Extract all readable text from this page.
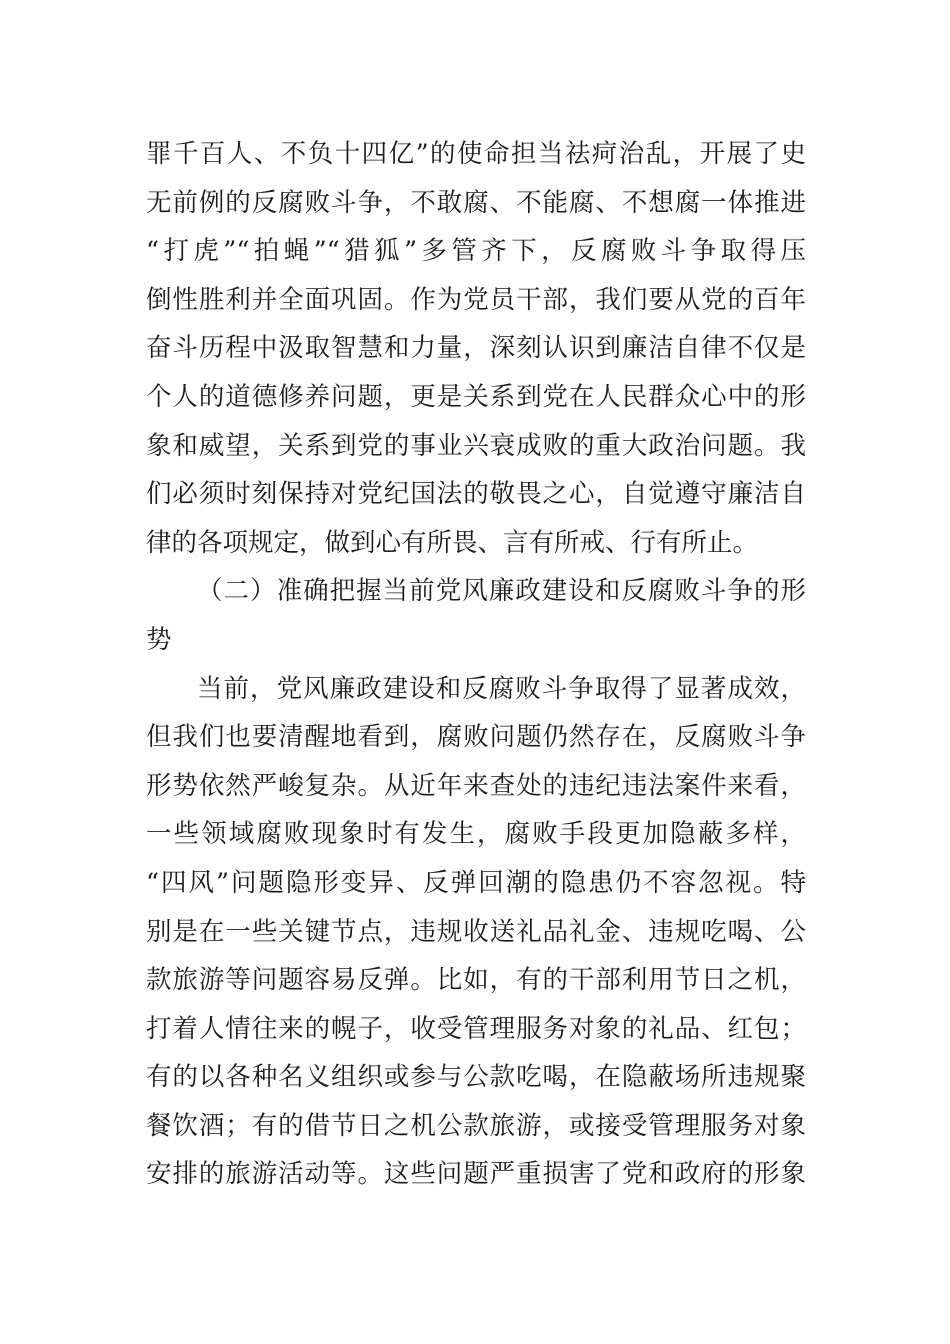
罪千百人、不负十四亿”的使命担当祛疴治乱，开展了史
无前例的反腐败斗争，不敢腐、不能腐、不想腐一体推进
“打虎”“拍蝇”“猎狐”多管齐下，反腐败斗争取得压
倒性胜利并全面巩固。作为党员干部，我们要从党的百年
奋斗历程中汲取智慧和力量，深刻认识到廉洁自律不仅是
个人的道德修养问题，更是关系到党在人民群众心中的形
象和威望，关系到党的事业兴衰成败的重大政治问题。我
们必须时刻保持对党纪国法的敬畏之心，自觉遵守廉洁自
律的各项规定，做到心有所畏、言有所戒、行有所止。
（二）准确把握当前党风廉政建设和反腐败斗争的形
势
当前，党风廉政建设和反腐败斗争取得了显著成效，
但我们也要清醒地看到，腐败问题仍然存在，反腐败斗争
形势依然严峻复杂。从近年来查处的违纪违法案件来看，
一些领域腐败现象时有发生，腐败手段更加隐蔽多样，
“四风”问题隐形变异、反弹回潮的隐患仍不容忽视。特
别是在一些关键节点，违规收送礼品礼金、违规吃喝、公
款旅游等问题容易反弹。比如，有的干部利用节日之机，
打着人情往来的幌子，收受管理服务对象的礼品、红包；
有的以各种名义组织或参与公款吃喝，在隐蔽场所违规聚
餐饮酒；有的借节日之机公款旅游，或接受管理服务对象
安排的旅游活动等。这些问题严重损害了党和政府的形象
